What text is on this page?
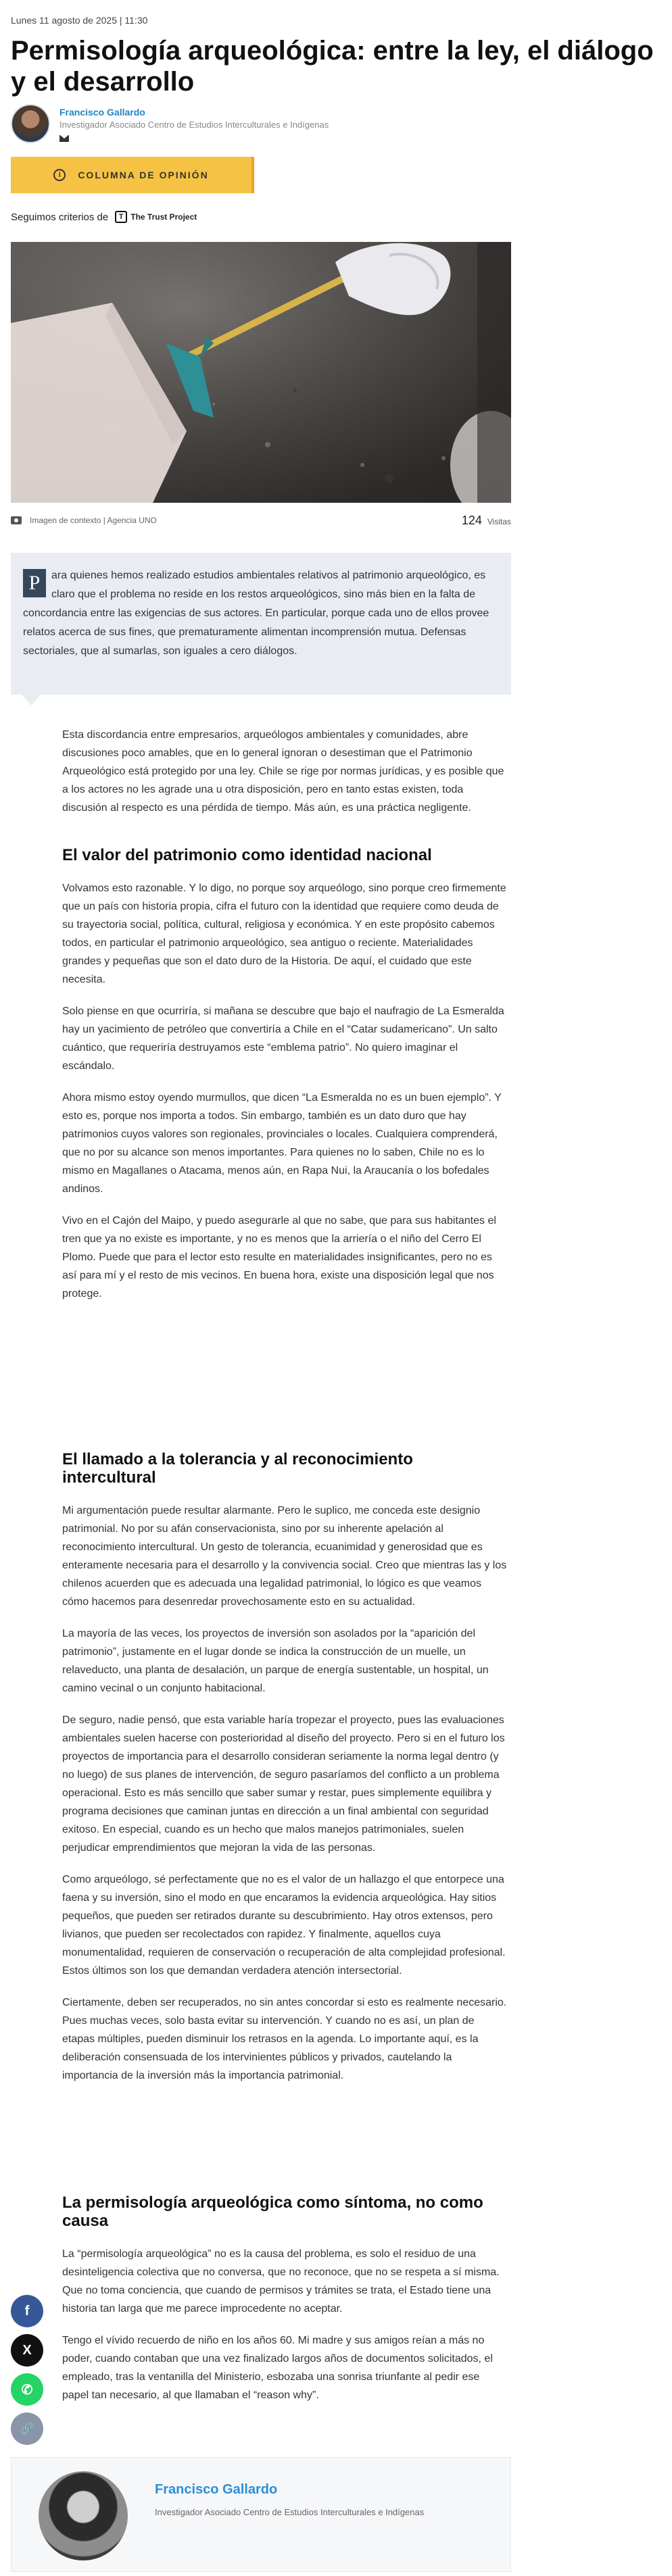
Lunes 11 agosto de 2025 | 11:30
Permisología arqueológica: entre la ley, el diálogo y el desarrollo
Francisco Gallardo
Investigador Asociado Centro de Estudios Interculturales e Indígenas
i	COLUMNA DE OPINIÓN
Seguimos criterios de	T The Trust Project
Imagen de contexto | Agencia UNO	124 Visitas
P	ara quienes hemos realizado estudios ambientales relativos al patrimonio arqueológico, es claro que el problema no reside en los restos arqueológicos, sino más bien en la falta de concordancia entre las exigencias de sus actores. En particular, porque cada uno de ellos provee relatos acerca de sus fines, que prematuramente alimentan incomprensión mutua. Defensas sectoriales, que al sumarlas, son iguales a cero diálogos.

Esta discordancia entre empresarios, arqueólogos ambientales y comunidades, abre discusiones poco amables, que en lo general ignoran o desestiman que el Patrimonio Arqueológico está protegido por una ley. Chile se rige por normas jurídicas, y es posible que a los actores no les agrade una u otra disposición, pero en tanto estas existen, toda discusión al respecto es una pérdida de tiempo. Más aún, es una práctica negligente.

El valor del patrimonio como identidad nacional

Volvamos esto razonable. Y lo digo, no porque soy arqueólogo, sino porque creo firmemente que un país con historia propia, cifra el futuro con la identidad que requiere como deuda de su trayectoria social, política, cultural, religiosa y económica. Y en este propósito cabemos todos, en particular el patrimonio arqueológico, sea antiguo o reciente. Materialidades grandes y pequeñas que son el dato duro de la Historia. De aquí, el cuidado que este necesita.

Solo piense en que ocurriría, si mañana se descubre que bajo el naufragio de La Esmeralda hay un yacimiento de petróleo que convertiría a Chile en el “Catar sudamericano”. Un salto cuántico, que requeriría destruyamos este “emblema patrio”. No quiero imaginar el escándalo.

Ahora mismo estoy oyendo murmullos, que dicen “La Esmeralda no es un buen ejemplo”. Y esto es, porque nos importa a todos. Sin embargo, también es un dato duro que hay patrimonios cuyos valores son regionales, provinciales o locales. Cualquiera comprenderá, que no por su alcance son menos importantes. Para quienes no lo saben, Chile no es lo mismo en Magallanes o Atacama, menos aún, en Rapa Nui, la Araucanía o los bofedales andinos.

Vivo en el Cajón del Maipo, y puedo asegurarle al que no sabe, que para sus habitantes el tren que ya no existe es importante, y no es menos que la arriería o el niño del Cerro El Plomo. Puede que para el lector esto resulte en materialidades insignificantes, pero no es así para mí y el resto de mis vecinos. En buena hora, existe una disposición legal que nos protege.

El llamado a la tolerancia y al reconocimiento intercultural

Mi argumentación puede resultar alarmante. Pero le suplico, me conceda este designio patrimonial. No por su afán conservacionista, sino por su inherente apelación al reconocimiento intercultural. Un gesto de tolerancia, ecuanimidad y generosidad que es enteramente necesaria para el desarrollo y la convivencia social. Creo que mientras las y los chilenos acuerden que es adecuada una legalidad patrimonial, lo lógico es que veamos cómo hacemos para desenredar provechosamente esto en su actualidad.

La mayoría de las veces, los proyectos de inversión son asolados por la “aparición del patrimonio”, justamente en el lugar donde se indica la construcción de un muelle, un relaveducto, una planta de desalación, un parque de energía sustentable, un hospital, un camino vecinal o un conjunto habitacional.

De seguro, nadie pensó, que esta variable haría tropezar el proyecto, pues las evaluaciones ambientales suelen hacerse con posterioridad al diseño del proyecto. Pero si en el futuro los proyectos de importancia para el desarrollo consideran seriamente la norma legal dentro (y no luego) de sus planes de intervención, de seguro pasaríamos del conflicto a un problema operacional. Esto es más sencillo que saber sumar y restar, pues simplemente equilibra y programa decisiones que caminan juntas en dirección a un final ambiental con seguridad exitoso. En especial, cuando es un hecho que malos manejos patrimoniales, suelen perjudicar emprendimientos que mejoran la vida de las personas.

Como arqueólogo, sé perfectamente que no es el valor de un hallazgo el que entorpece una faena y su inversión, sino el modo en que encaramos la evidencia arqueológica. Hay sitios pequeños, que pueden ser retirados durante su descubrimiento. Hay otros extensos, pero livianos, que pueden ser recolectados con rapidez. Y finalmente, aquellos cuya monumentalidad, requieren de conservación o recuperación de alta complejidad profesional. Estos últimos son los que demandan verdadera atención intersectorial.

Ciertamente, deben ser recuperados, no sin antes concordar si esto es realmente necesario. Pues muchas veces, solo basta evitar su intervención. Y cuando no es así, un plan de etapas múltiples, pueden disminuir los retrasos en la agenda. Lo importante aquí, es la deliberación consensuada de los intervinientes públicos y privados, cautelando la importancia de la inversión más la importancia patrimonial.

La permisología arqueológica como síntoma, no como causa

La “permisología arqueológica” no es la causa del problema, es solo el residuo de una desinteligencia colectiva que no conversa, que no reconoce, que no se respeta a sí misma. Que no toma conciencia, que cuando de permisos y trámites se trata, el Estado tiene una historia tan larga que me parece improcedente no aceptar.

Tengo el vívido recuerdo de niño en los años 60. Mi madre y sus amigos reían a más no poder, cuando contaban que una vez finalizado largos años de documentos solicitados, el empleado, tras la ventanilla del Ministerio, esbozaba una sonrisa triunfante al pedir ese papel tan necesario, al que llamaban el “reason why”.

f
X
✆
🔗
Francisco Gallardo
Investigador Asociado Centro de Estudios Interculturales e Indígenas
